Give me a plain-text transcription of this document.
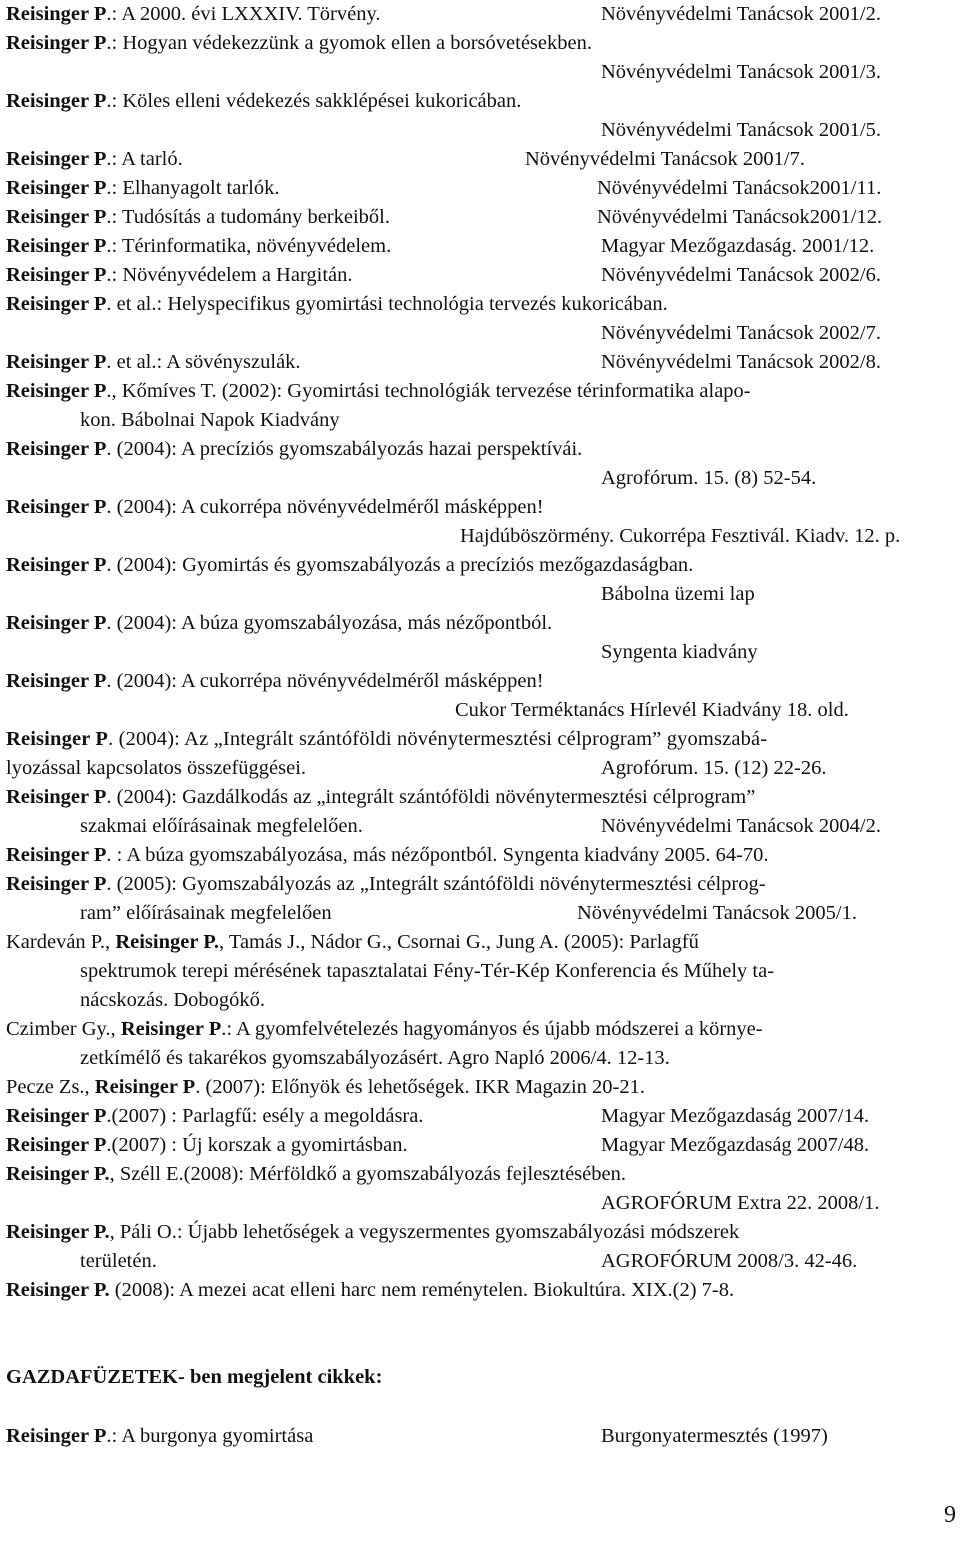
Reisinger P.: A 2000. évi LXXXIV. Törvény.	Növényvédelmi Tanácsok 2001/2.
Reisinger P.: Hogyan védekezzünk a gyomok ellen a borsóvetésekben.
Növényvédelmi Tanácsok 2001/3.
Reisinger P.: Köles elleni védekezés sakklépései kukoricában.
Növényvédelmi Tanácsok 2001/5.
Reisinger P.: A tarló.	Növényvédelmi Tanácsok 2001/7.
Reisinger P.: Elhanyagolt tarlók.	Növényvédelmi Tanácsok2001/11.
Reisinger P.: Tudósítás a tudomány berkeiből.	Növényvédelmi Tanácsok2001/12.
Reisinger P.: Térinformatika, növényvédelem.	Magyar Mezőgazdaság. 2001/12.
Reisinger P.: Növényvédelem a Hargitán.	Növényvédelmi Tanácsok 2002/6.
Reisinger P. et al.: Helyspecifikus gyomirtási technológia tervezés kukoricában.
Növényvédelmi Tanácsok 2002/7.
Reisinger P. et al.: A sövényszulák.	Növényvédelmi Tanácsok 2002/8.
Reisinger P., Kőmíves T. (2002): Gyomirtási technológiák tervezése térinformatika alapo-
kon. Bábolnai Napok Kiadvány
Reisinger P. (2004): A precíziós gyomszabályozás hazai perspektívái.
Agrofórum. 15. (8) 52-54.
Reisinger P. (2004): A cukorrépa növényvédelméről másképpen!
Hajdúböszörmény. Cukorrépa Fesztivál. Kiadv. 12. p.
Reisinger P. (2004): Gyomirtás és gyomszabályozás a precíziós mezőgazdaságban.
Bábolna üzemi lap
Reisinger P. (2004): A búza gyomszabályozása, más nézőpontból.
Syngenta kiadvány
Reisinger P. (2004): A cukorrépa növényvédelméről másképpen!
Cukor Terméktanács Hírlevél Kiadvány 18. old.
Reisinger P. (2004): Az „Integrált szántóföldi növénytermesztési célprogram” gyomszabá-
lyozással kapcsolatos összefüggései.	Agrofórum. 15. (12) 22-26.
Reisinger P. (2004): Gazdálkodás az „integrált szántóföldi növénytermesztési célprogram”
szakmai előírásainak megfelelően.	Növényvédelmi Tanácsok 2004/2.
Reisinger P. : A búza gyomszabályozása, más nézőpontból. Syngenta kiadvány 2005. 64-70.
Reisinger P. (2005): Gyomszabályozás az „Integrált szántóföldi növénytermesztési célprog-
ram” előírásainak megfelelően	Növényvédelmi Tanácsok 2005/1.
Kardeván P., Reisinger P., Tamás J., Nádor G., Csornai G., Jung A. (2005): Parlagfű
spektrumok terepi mérésének tapasztalatai Fény-Tér-Kép Konferencia és Műhely ta-
nácskozás. Dobogókő.
Czimber Gy., Reisinger P.: A gyomfelvételezés hagyományos és újabb módszerei a környe-
zetkímélő és takarékos gyomszabályozásért. Agro Napló 2006/4. 12-13.
Pecze Zs., Reisinger P. (2007): Előnyök és lehetőségek. IKR Magazin 20-21.
Reisinger P.(2007) : Parlagfű: esély a megoldásra.	Magyar Mezőgazdaság 2007/14.
Reisinger P.(2007) : Új korszak a gyomirtásban.	Magyar Mezőgazdaság 2007/48.
Reisinger P., Széll E.(2008): Mérföldkő a gyomszabályozás fejlesztésében.
AGROFÓRUM Extra 22. 2008/1.
Reisinger P., Páli O.: Újabb lehetőségek a vegyszermentes gyomszabályozási módszerek
területén.	AGROFÓRUM 2008/3. 42-46.
Reisinger P. (2008): A mezei acat elleni harc nem reménytelen. Biokultúra. XIX.(2) 7-8.
GAZDAFÜZETEK- ben megjelent cikkek:
Reisinger P.: A burgonya gyomirtása	Burgonyatermesztés (1997)
9
